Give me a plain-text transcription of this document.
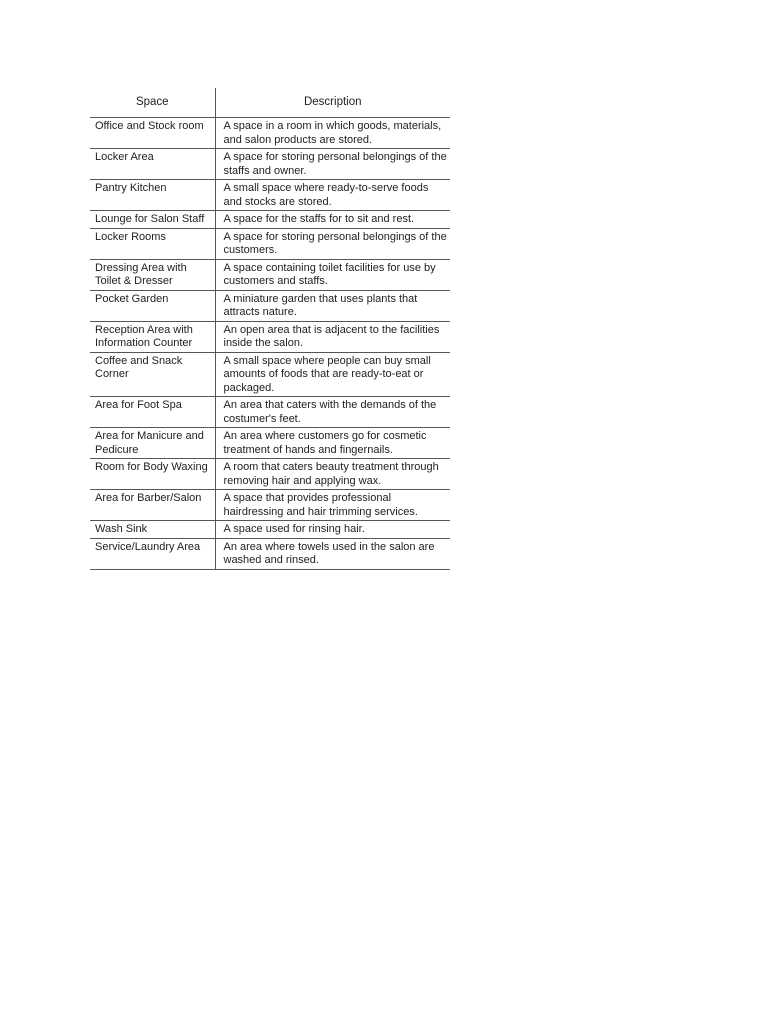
Space	Description
Office and Stock room	A space in a room in which goods, materials, and salon products are stored.
Locker Area	A space for storing personal belongings of the staffs and owner.
Pantry Kitchen	A small space where ready-to-serve foods and stocks are stored.
Lounge for Salon Staff	A space for the staffs for to sit and rest.
Locker Rooms	A space for storing personal belongings of the customers.
Dressing Area with Toilet & Dresser	A space containing toilet facilities for use by customers and staffs.
Pocket Garden	A miniature garden that uses plants that attracts nature.
Reception Area with Information Counter	An open area that is adjacent to the facilities inside the salon.
Coffee and Snack Corner	A small space where people can buy small amounts of foods that are ready-to-eat or packaged.
Area for Foot Spa	An area that caters with the demands of the costumer's feet.
Area for Manicure and Pedicure	An area where customers go for cosmetic treatment of hands and fingernails.
Room for Body Waxing	A room that caters beauty treatment through removing hair and applying wax.
Area for Barber/Salon	A space that provides professional hairdressing and hair trimming services.
Wash Sink	A space used for rinsing hair.
Service/Laundry Area	An area where towels used in the salon are washed and rinsed.
